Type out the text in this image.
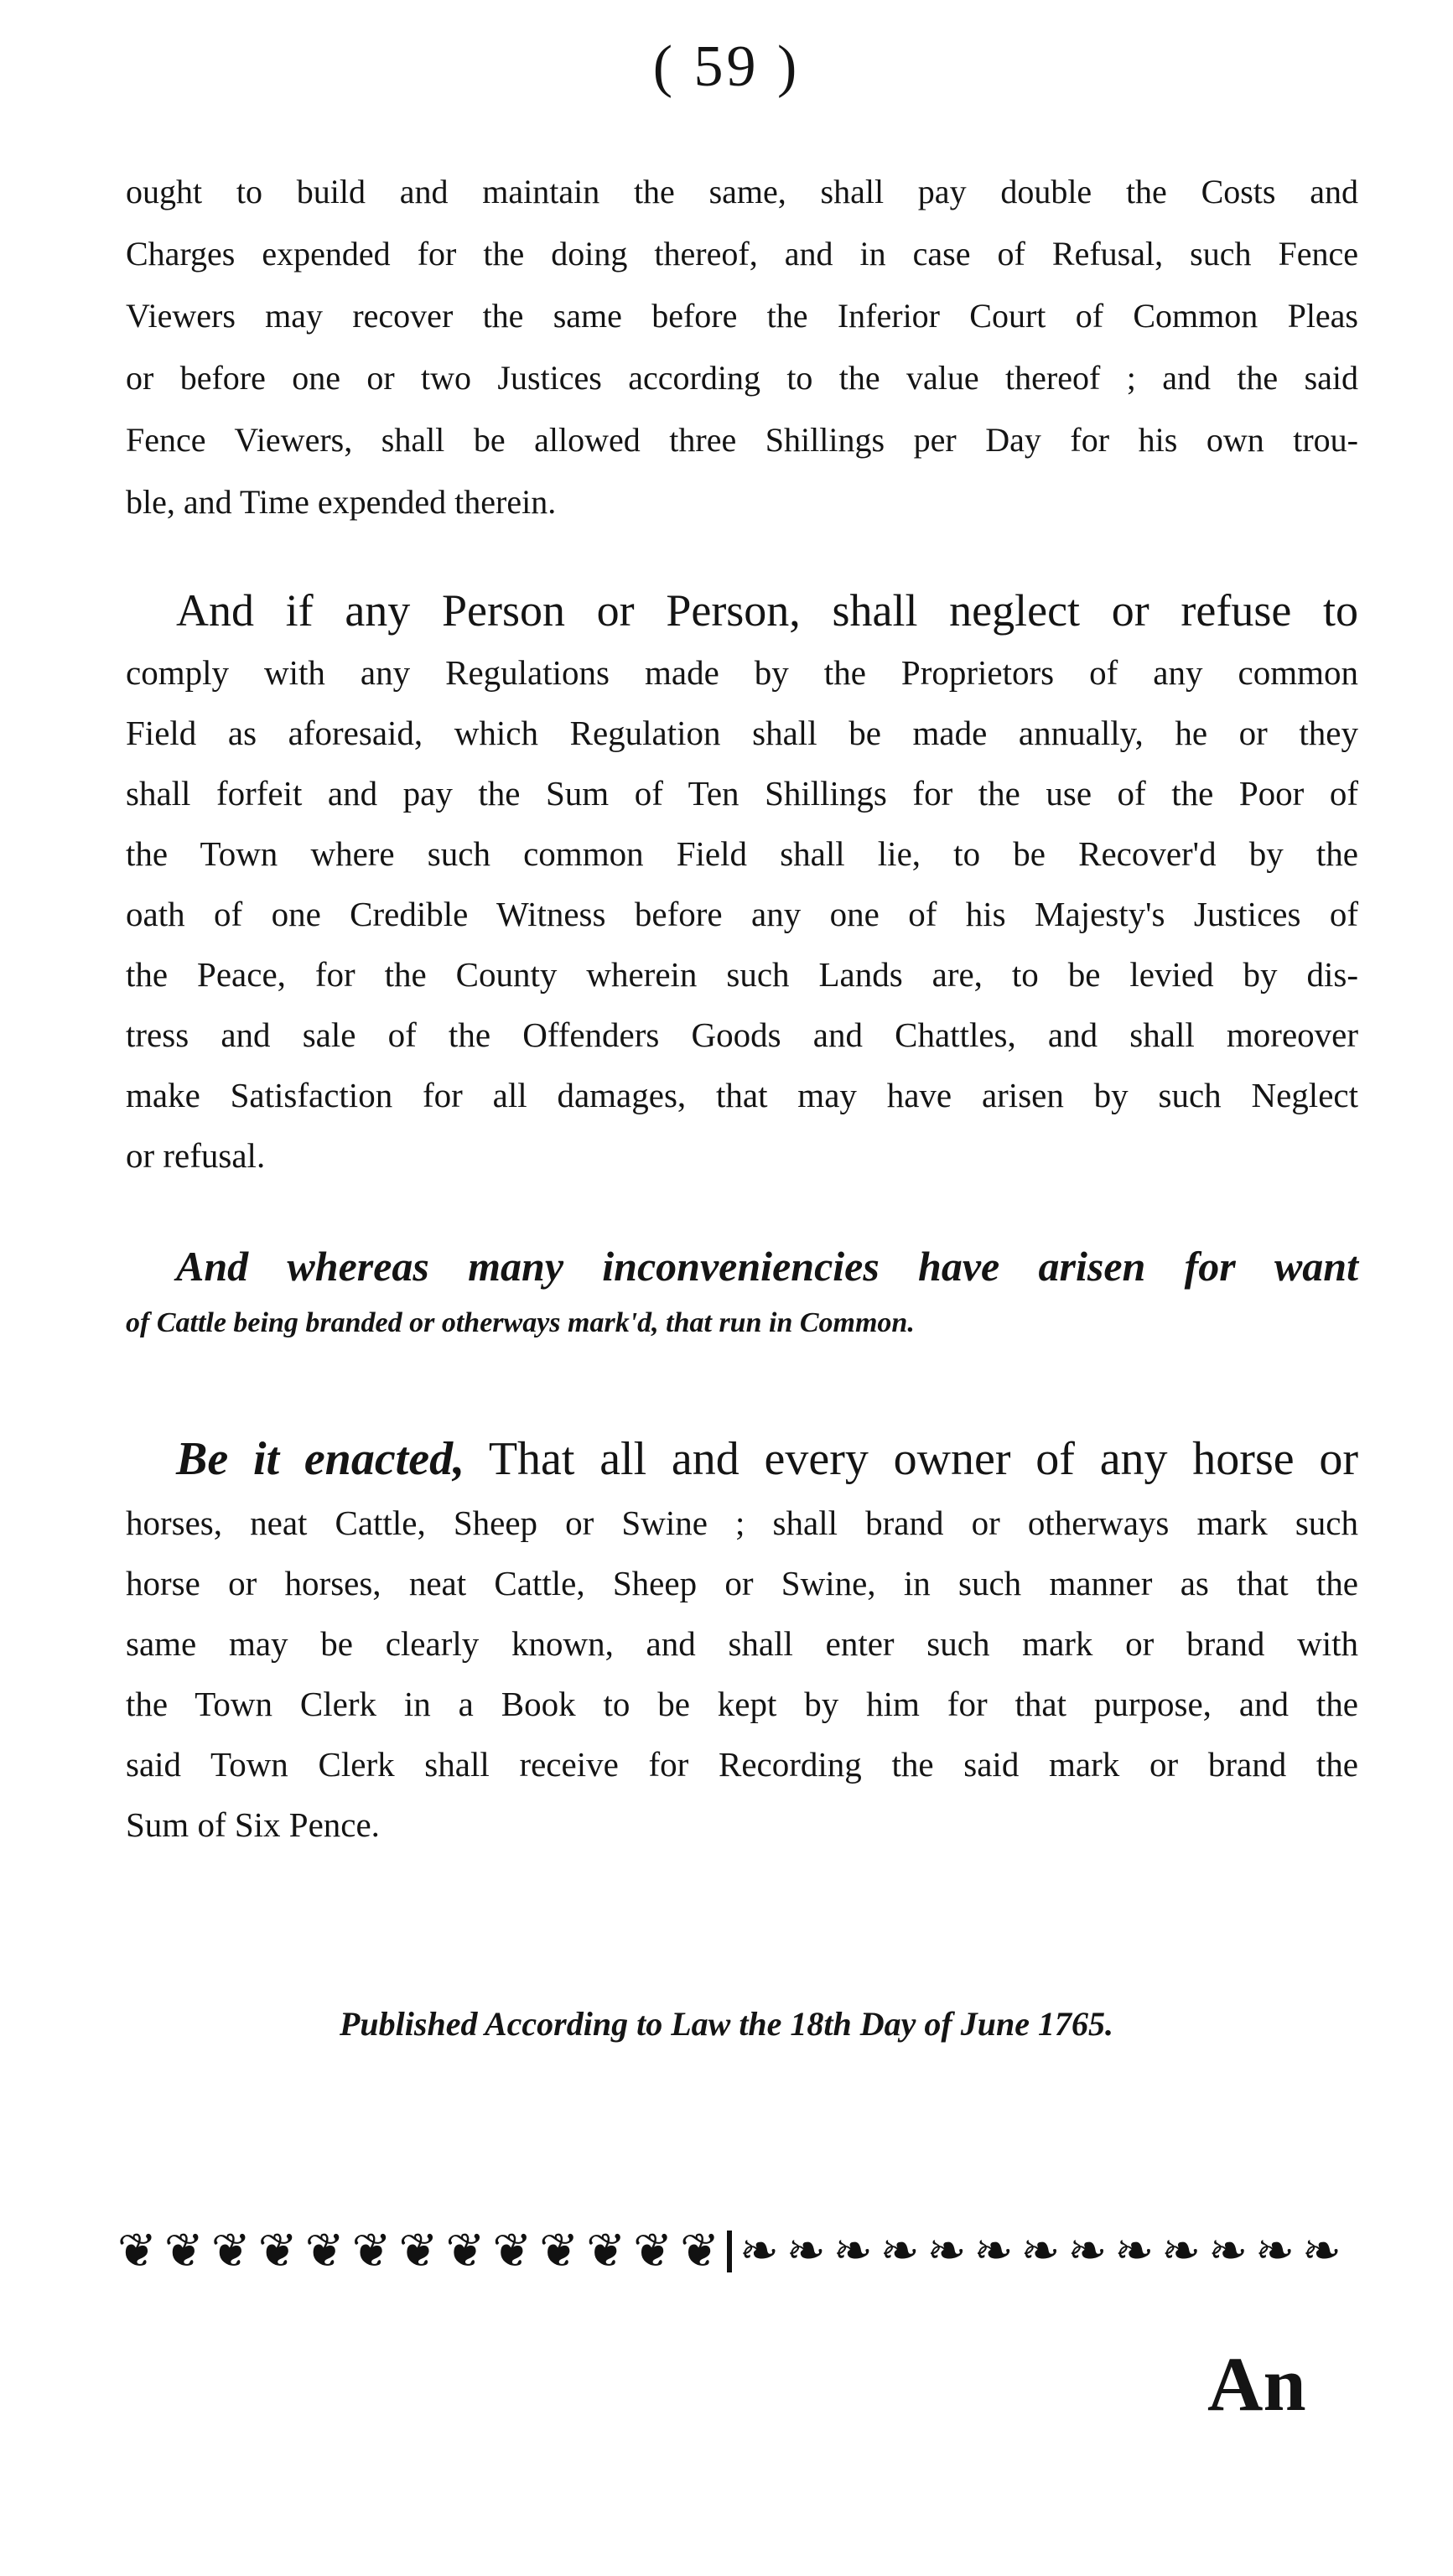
( 59 )
ought to build and maintain the same, shall pay double the Costs and
Charges expended for the doing thereof, and in case of Refusal, such Fence
Viewers may recover the same before the Inferior Court of Common Pleas
or before one or two Justices according to the value thereof ; and the said
Fence Viewers, shall be allowed three Shillings per Day for his own trou-
ble, and Time expended therein.
And if any Person or Person, shall neglect or refuse to
comply with any Regulations made by the Proprietors of any common
Field as aforesaid, which Regulation shall be made annually, he or they
shall forfeit and pay the Sum of Ten Shillings for the use of the Poor of
the Town where such common Field shall lie, to be Recover'd by the
oath of one Credible Witness before any one of his Majesty's Justices of
the Peace, for the County wherein such Lands are, to be levied by dis-
tress and sale of the Offenders Goods and Chattles, and shall moreover
make Satisfaction for all damages, that may have arisen by such Neglect
or refusal.
And whereas many inconveniencies have arisen for want
of Cattle being branded or otherways mark'd, that run in Common.
Be it enacted, That all and every owner of any horse or
horses, neat Cattle, Sheep or Swine ; shall brand or otherways mark such
horse or horses, neat Cattle, Sheep or Swine, in such manner as that the
same may be clearly known, and shall enter such mark or brand with
the Town Clerk in a Book to be kept by him for that purpose, and the
said Town Clerk shall receive for Recording the said mark or brand the
Sum of Six Pence.
Published According to Law the 18th Day of June 1765.
❦ ❦ ❦ ❦ ❦ ❦ ❦ ❦ ❦ ❦ ❦ ❦ ❦ ❧ ❧ ❧ ❧ ❧ ❧ ❧ ❧ ❧ ❧ ❧ ❧ ❧
An
